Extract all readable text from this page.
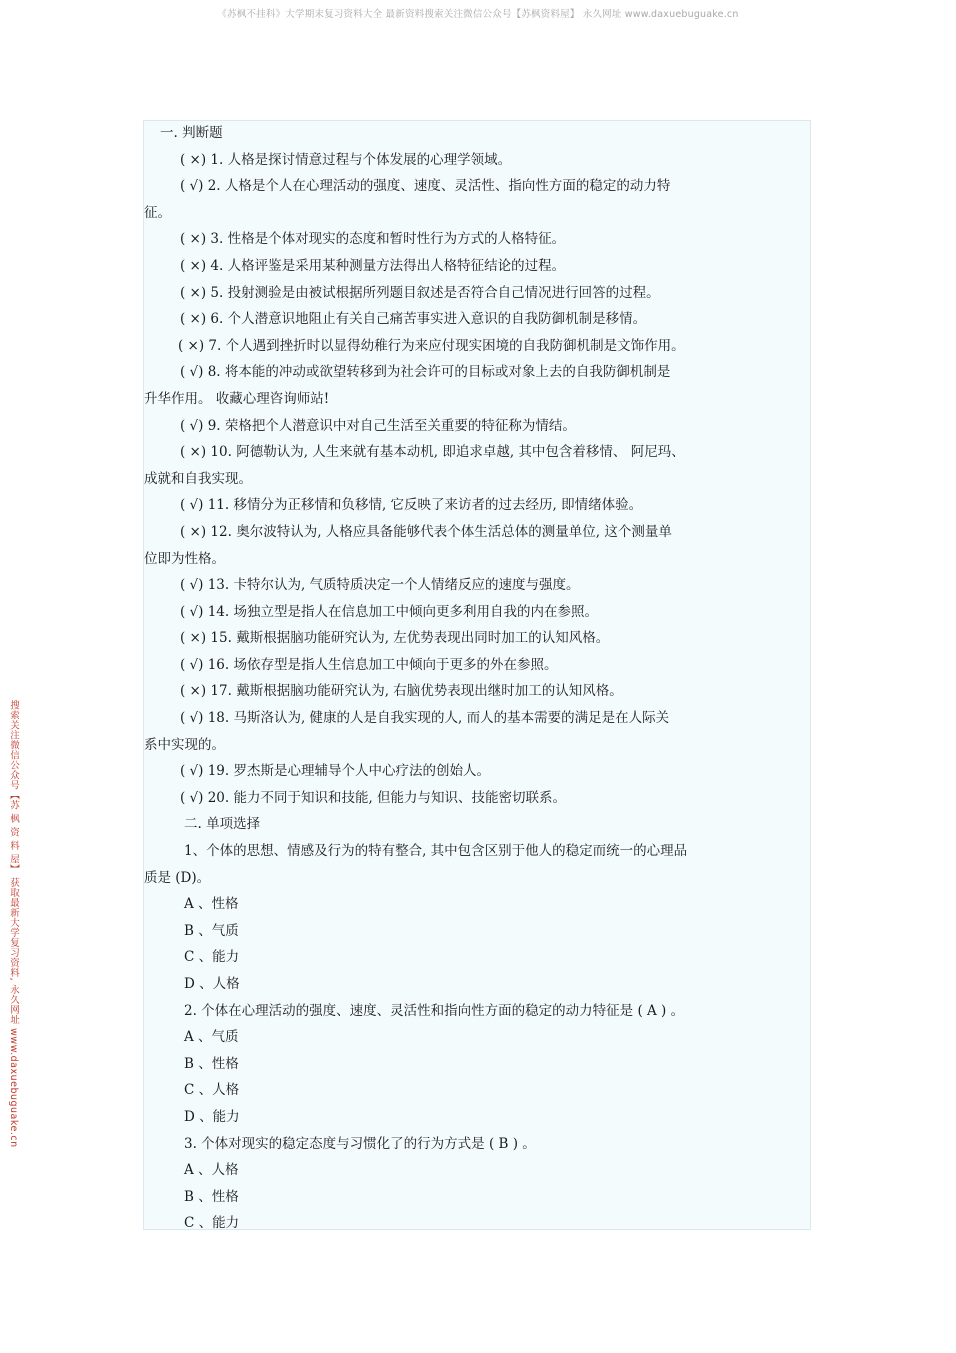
《苏枫不挂科》大学期末复习资料大全 最新资料搜索关注微信公众号【苏枫资料屋】 永久网址 www.daxuebuguake.cn
搜索关注微信公众号【苏 枫 资 料 屋】 获取最新大学复习资料, 永久网址 www.daxuebuguake.cn
一. 判断题
( ×) 1. 人格是探讨情意过程与个体发展的心理学领域。
( √) 2. 人格是个人在心理活动的强度、速度、灵活性、指向性方面的稳定的动力特
征。
( ×) 3. 性格是个体对现实的态度和暂时性行为方式的人格特征。
( ×) 4. 人格评鉴是采用某种测量方法得出人格特征结论的过程。
( ×) 5. 投射测验是由被试根据所列题目叙述是否符合自己情况进行回答的过程。
( ×) 6. 个人潜意识地阻止有关自己痛苦事实进入意识的自我防御机制是移情。
( ×) 7. 个人遇到挫折时以显得幼稚行为来应付现实困境的自我防御机制是文饰作用。
( √) 8. 将本能的冲动或欲望转移到为社会许可的目标或对象上去的自我防御机制是
升华作用。 收藏心理咨询师站!
( √) 9. 荣格把个人潜意识中对自己生活至关重要的特征称为情结。
( ×) 10. 阿德勒认为, 人生来就有基本动机, 即追求卓越, 其中包含着移情、 阿尼玛、
成就和自我实现。
( √) 11. 移情分为正移情和负移情, 它反映了来访者的过去经历, 即情绪体验。
( ×) 12. 奥尔波特认为, 人格应具备能够代表个体生活总体的测量单位, 这个测量单
位即为性格。
( √) 13. 卡特尔认为, 气质特质决定一个人情绪反应的速度与强度。
( √) 14. 场独立型是指人在信息加工中倾向更多利用自我的内在参照。
( ×) 15. 戴斯根据脑功能研究认为, 左优势表现出同时加工的认知风格。
( √) 16. 场依存型是指人生信息加工中倾向于更多的外在参照。
( ×) 17. 戴斯根据脑功能研究认为, 右脑优势表现出继时加工的认知风格。
( √) 18. 马斯洛认为, 健康的人是自我实现的人, 而人的基本需要的满足是在人际关
系中实现的。
( √) 19. 罗杰斯是心理辅导个人中心疗法的创始人。
( √) 20. 能力不同于知识和技能, 但能力与知识、技能密切联系。
二. 单项选择
1、个体的思想、情感及行为的特有整合, 其中包含区别于他人的稳定而统一的心理品
质是 (D)。
A 、性格
B 、气质
C 、能力
D 、人格
2. 个体在心理活动的强度、速度、灵活性和指向性方面的稳定的动力特征是 ( A ) 。
A 、气质
B 、性格
C 、人格
D 、能力
3. 个体对现实的稳定态度与习惯化了的行为方式是 ( B ) 。
A 、人格
B 、性格
C 、能力
